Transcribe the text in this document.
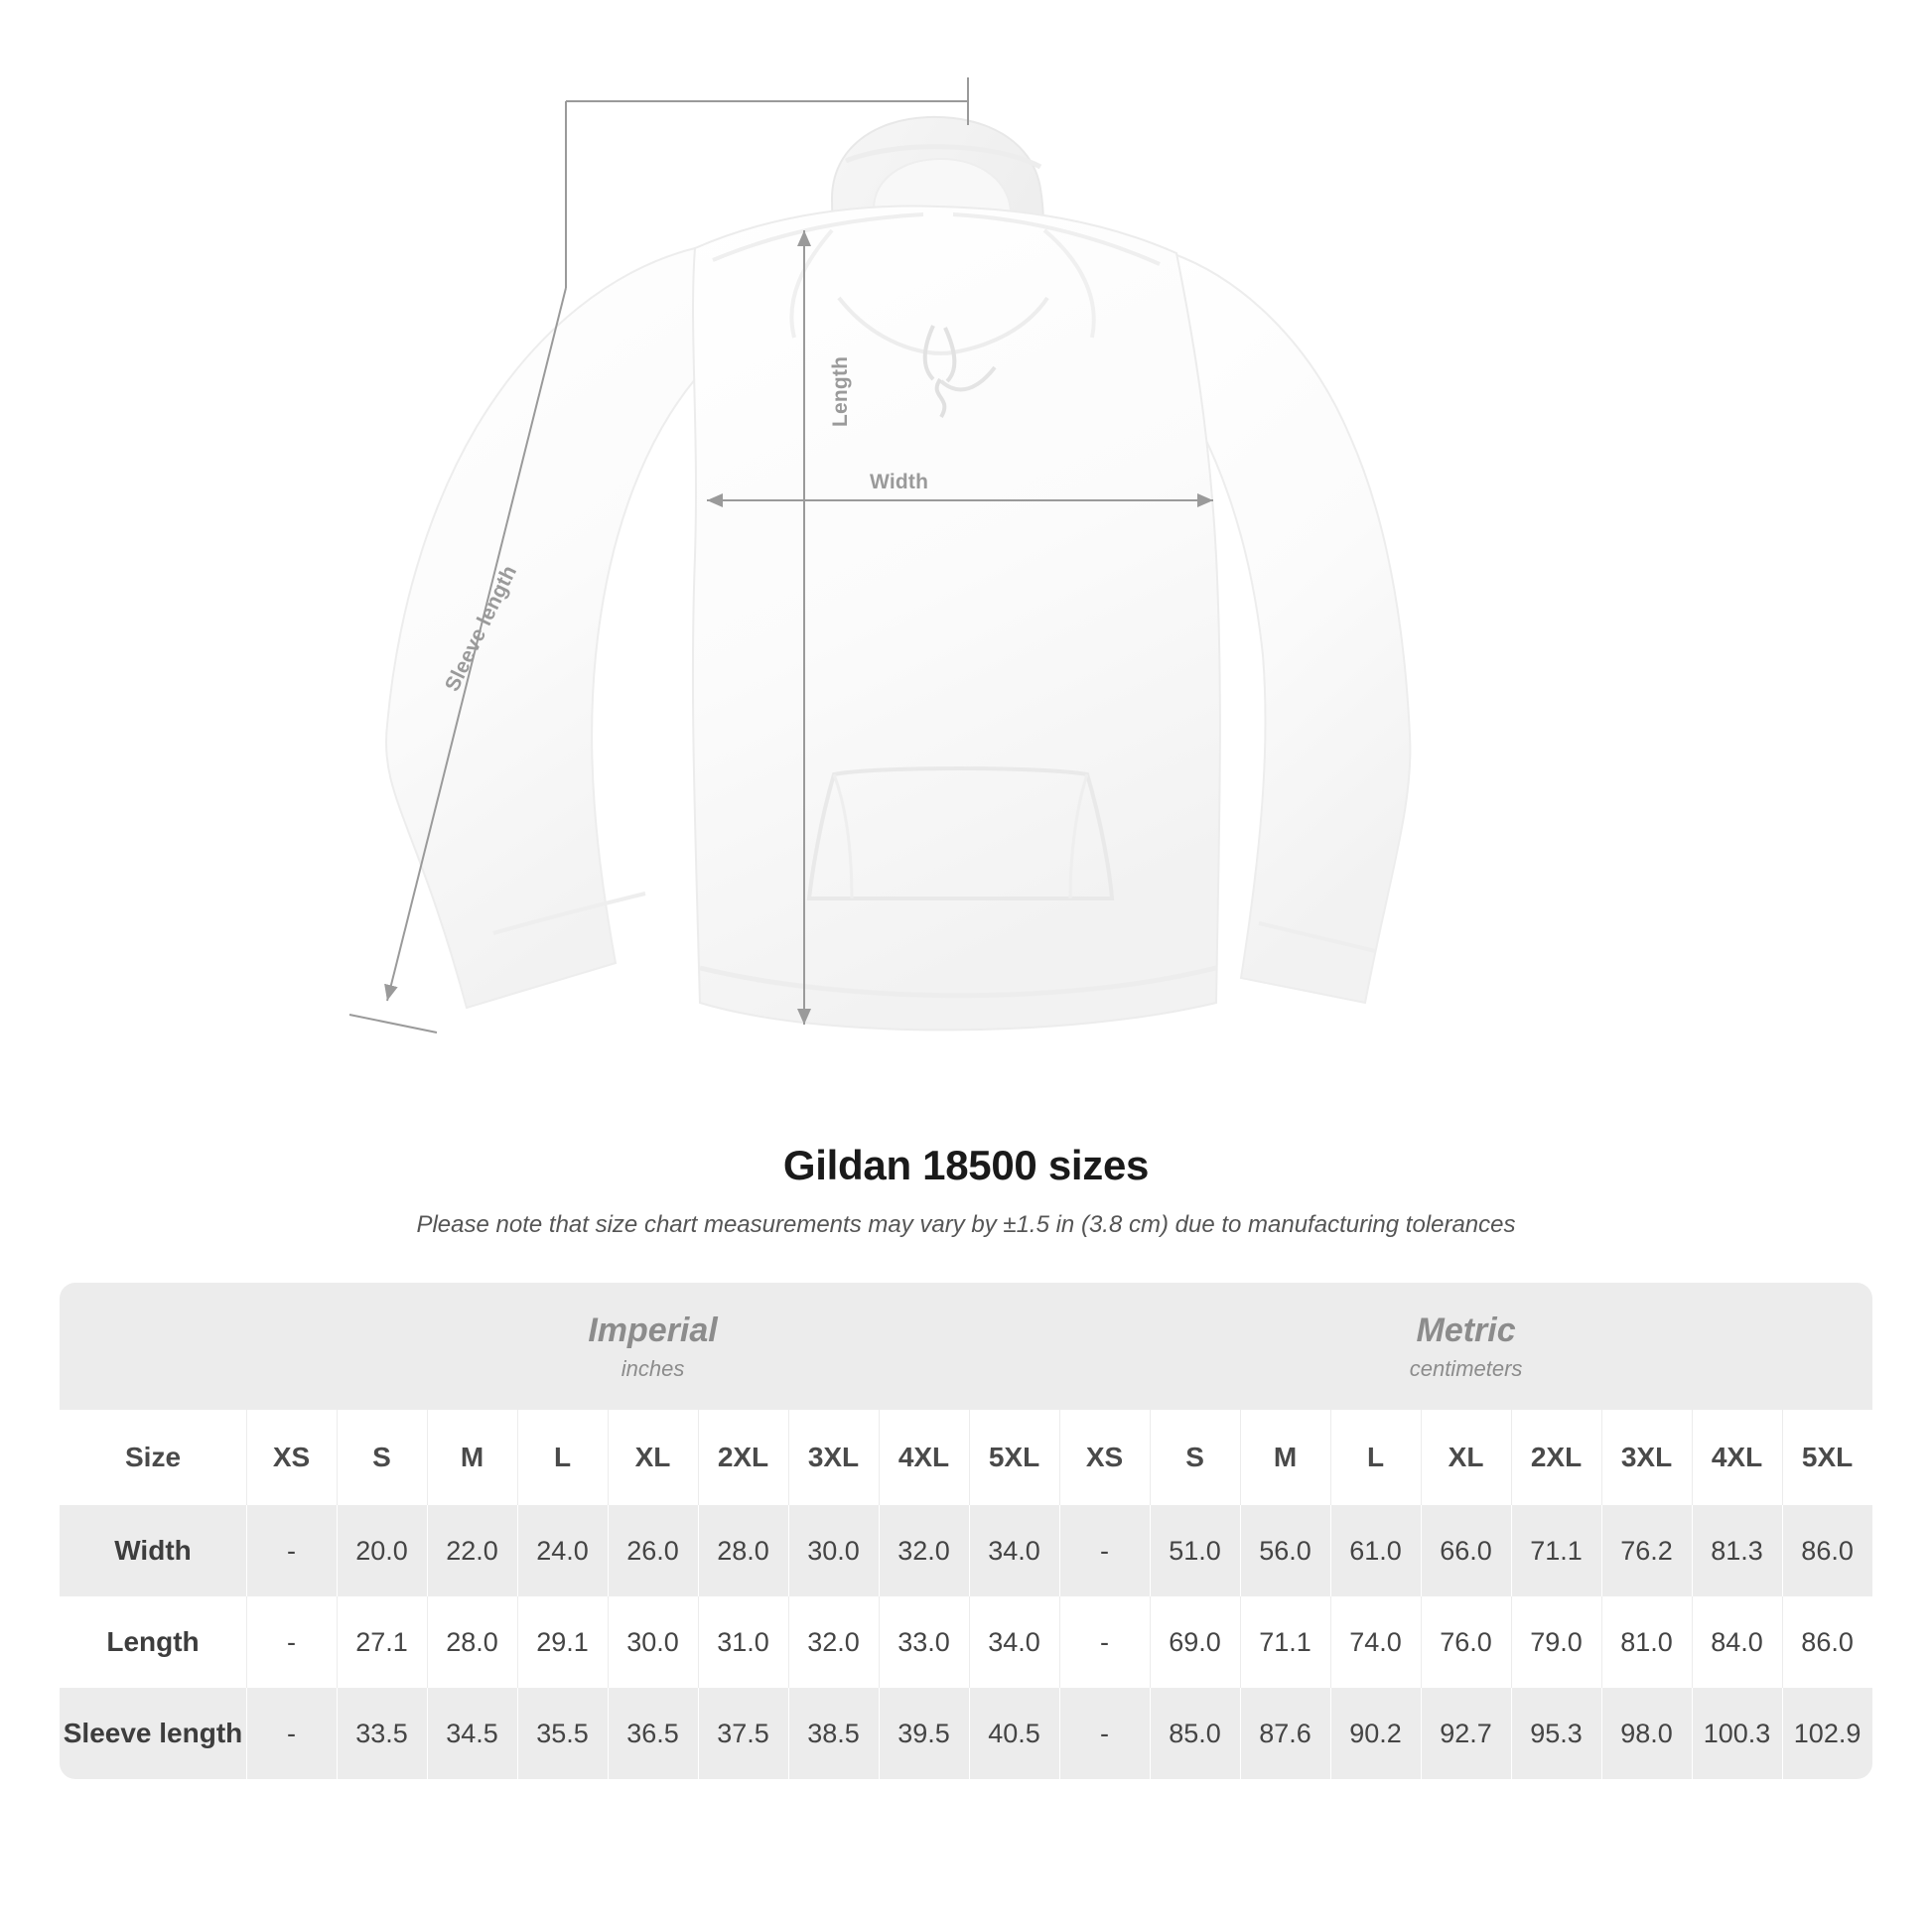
Length
Width
Sleeve length
Gildan 18500 sizes
Please note that size chart measurements may vary by ±1.5 in (3.8 cm) due to manufacturing tolerances
	Imperial
inches									Metric
centimeters								

Size	XS	S	M	L	XL	2XL	3XL	4XL	5XL	XS	S	M	L	XL	2XL	3XL	4XL	5XL
Width	-	20.0	22.0	24.0	26.0	28.0	30.0	32.0	34.0	-	51.0	56.0	61.0	66.0	71.1	76.2	81.3	86.0
Length	-	27.1	28.0	29.1	30.0	31.0	32.0	33.0	34.0	-	69.0	71.1	74.0	76.0	79.0	81.0	84.0	86.0
Sleeve length	-	33.5	34.5	35.5	36.5	37.5	38.5	39.5	40.5	-	85.0	87.6	90.2	92.7	95.3	98.0	100.3	102.9
